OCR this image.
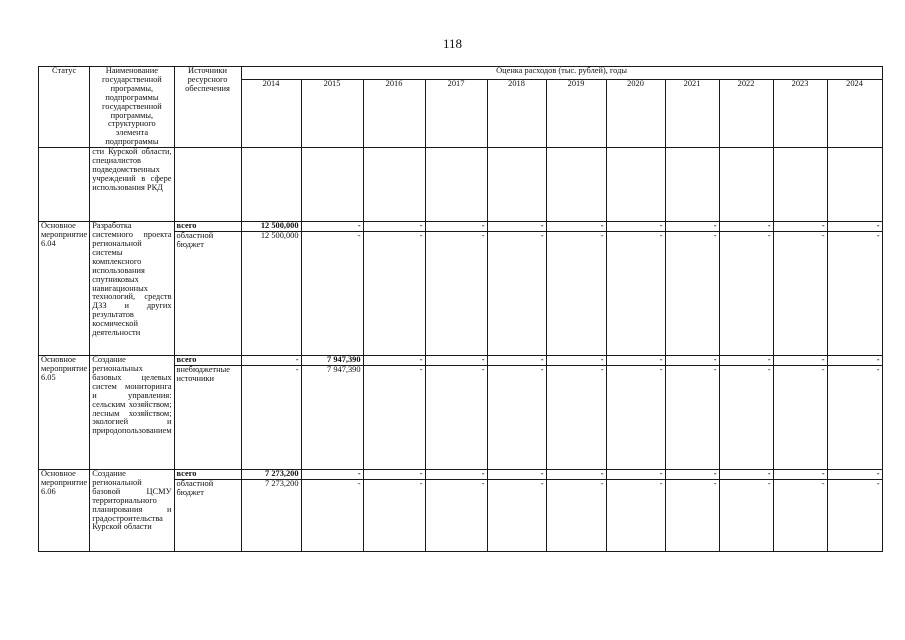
118
Статус	Наименование государственной программы, подпрограммы государственной программы, структурного элемента подпрограммы	Источники ресурсного обеспечения	Оценка расходов (тыс. рублей), годы										
			2014	2015	2016	2017	2018	2019	2020	2021	2022	2023	2024
	сти Курской области, специалистов подведомственных учреждений в сфере использования РКД												
Основное мероприятие 6.04	Разработка системного проекта региональной системы комплексного использования спутниковых навигационных технологий, средств ДЗЗ и других результатов космической деятельности	всего	12 500,000	-	-	-	-	-	-	-	-	-	-
		областной бюджет	12 500,000	-	-	-	-	-	-	-	-	-	-
Основное мероприятие 6.05	Создание региональных базовых целевых систем мониторинга и управления: сельским хозяйством; лесным хозяйством; экологией и природопользованием	всего	-	7 947,390	-	-	-	-	-	-	-	-	-
		внебюджетные источники	-	7 947,390	-	-	-	-	-	-	-	-	-
Основное мероприятие 6.06	Создание региональной базовой ЦСМУ территориального планирования и градостроительства Курской области	всего	7 273,200	-	-	-	-	-	-	-	-	-	-
		областной бюджет	7 273,200	-	-	-	-	-	-	-	-	-	-
